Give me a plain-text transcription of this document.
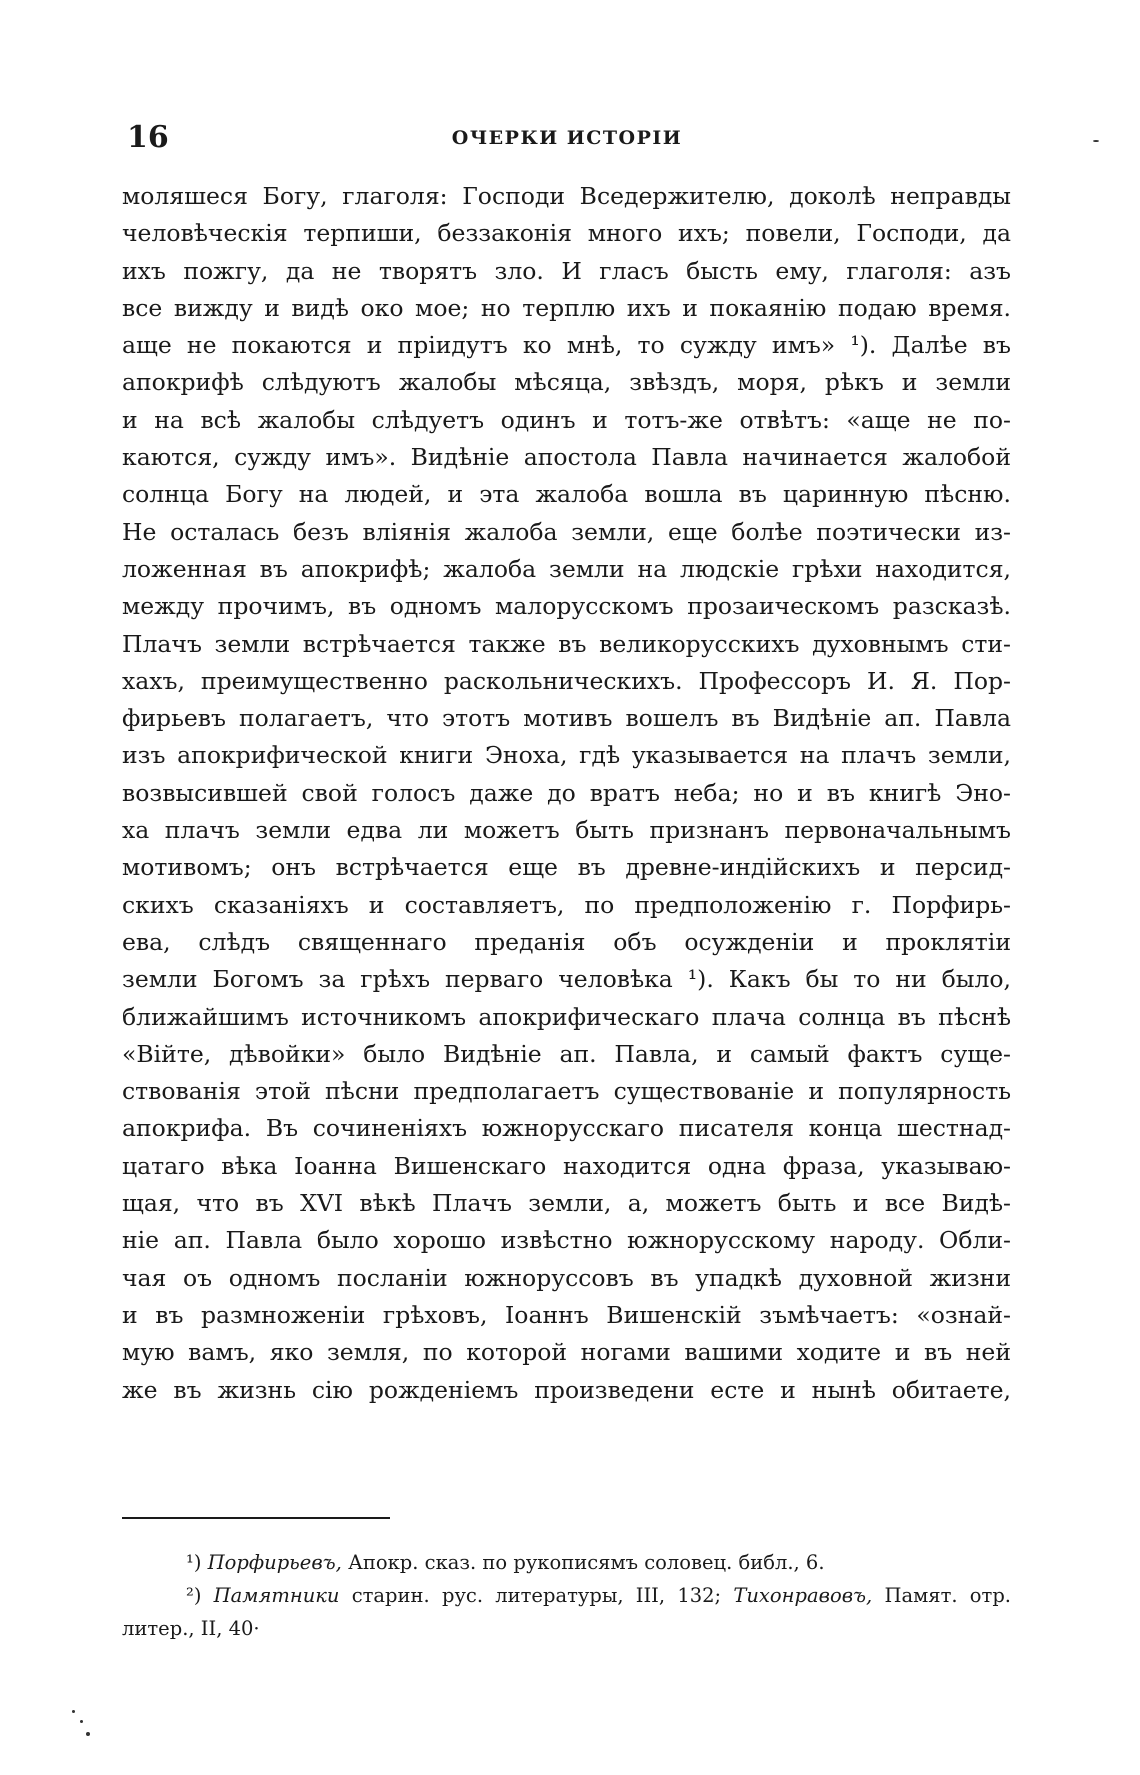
16	ОЧЕРКИ ИСТОРІИ
моляшеся Богу, глаголя: Господи Вседержителю, доколѣ неправды
человѣческія терпиши, беззаконія много ихъ; повели, Господи, да
ихъ пожгу, да не творятъ зло. И гласъ бысть ему, глаголя: азъ
все вижду и видѣ око мое; но терплю ихъ и покаянію подаю время.
аще не покаются и пріидутъ ко мнѣ, то сужду имъ» ¹). Далѣе въ
апокрифѣ слѣдуютъ жалобы мѣсяца, звѣздъ, моря, рѣкъ и земли
и на всѣ жалобы слѣдуетъ одинъ и тотъ-же отвѣтъ: «аще не по-
каются, сужду имъ». Видѣніе апостола Павла начинается жалобой
солнца Богу на людей, и эта жалоба вошла въ царинную пѣсню.
Не осталась безъ вліянія жалоба земли, еще болѣе поэтически из-
ложенная въ апокрифѣ; жалоба земли на людскіе грѣхи находится,
между прочимъ, въ одномъ малорусскомъ прозаическомъ разсказѣ.
Плачъ земли встрѣчается также въ великорусскихъ духовнымъ сти-
хахъ, преимущественно раскольническихъ. Профессоръ И. Я. Пор-
фирьевъ полагаетъ, что этотъ мотивъ вошелъ въ Видѣніе ап. Павла
изъ апокрифической книги Эноха, гдѣ указывается на плачъ земли,
возвысившей свой голосъ даже до вратъ неба; но и въ книгѣ Эно-
ха плачъ земли едва ли можетъ быть признанъ первоначальнымъ
мотивомъ; онъ встрѣчается еще въ древне-индійскихъ и персид-
скихъ сказаніяхъ и составляетъ, по предположенію г. Порфирь-
ева, слѣдъ священнаго преданія объ осужденіи и проклятіи
земли Богомъ за грѣхъ перваго человѣка ¹). Какъ бы то ни было,
ближайшимъ источникомъ апокрифическаго плача солнца въ пѣснѣ
«Війте, дѣвойки» было Видѣніе ап. Павла, и самый фактъ суще-
ствованія этой пѣсни предполагаетъ существованіе и популярность
апокрифа. Въ сочиненіяхъ южнорусскаго писателя конца шестнад-
цатаго вѣка Іоанна Вишенскаго находится одна фраза, указываю-
щая, что въ XVI вѣкѣ Плачъ земли, а, можетъ быть и все Видѣ-
ніе ап. Павла было хорошо извѣстно южнорусскому народу. Обли-
чая оъ одномъ посланіи южноруссовъ въ упадкѣ духовной жизни
и въ размноженіи грѣховъ, Іоаннъ Вишенскій зъмѣчаетъ: «ознай-
мую вамъ, яко земля, по которой ногами вашими ходите и въ ней
же въ жизнь сію рожденіемъ произведени есте и нынѣ обитаете,
¹) Порфирьевъ, Апокр. сказ. по рукописямъ соловец. библ., 6.
²) Памятники старин. рус. литературы, III, 132; Тихонравовъ, Памят. отр.
литер., II, 40·
